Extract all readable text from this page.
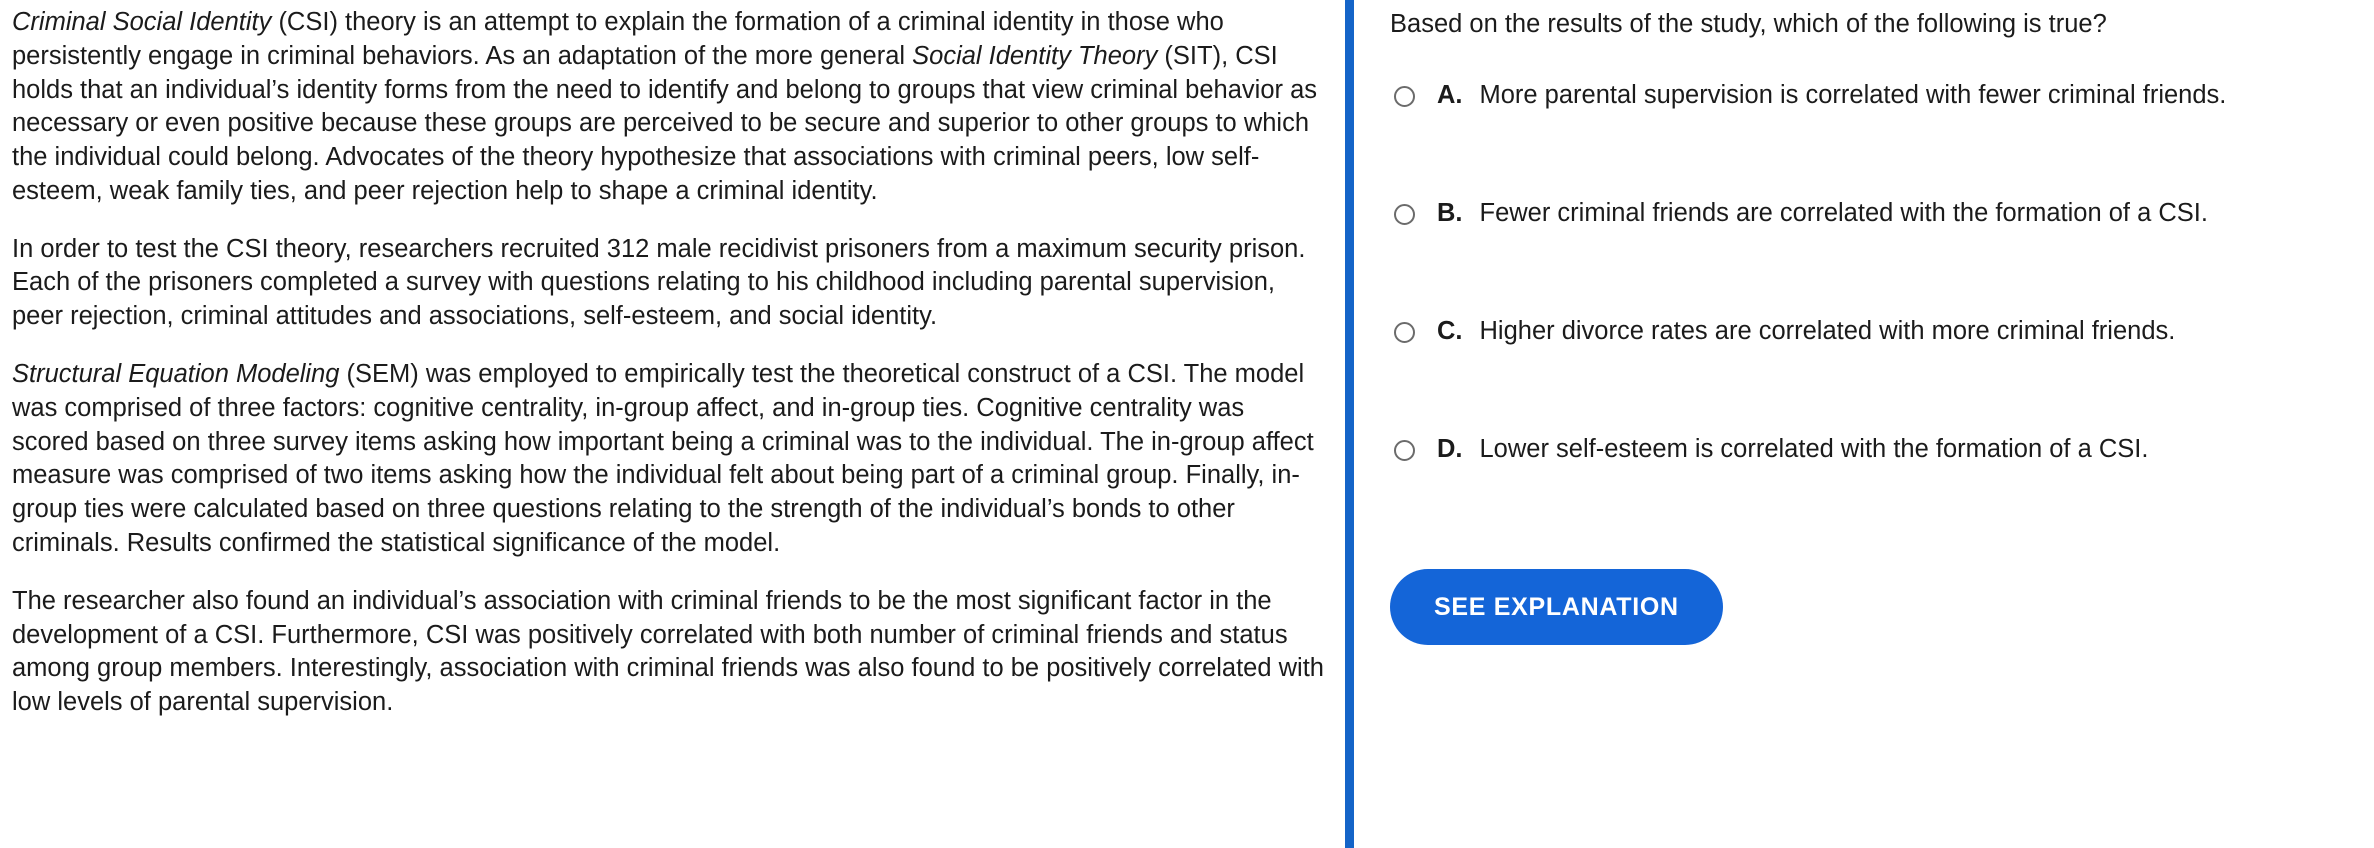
Criminal Social Identity (CSI) theory is an attempt to explain the formation of a criminal identity in those who persistently engage in criminal behaviors. As an adaptation of the more general Social Identity Theory (SIT), CSI holds that an individual’s identity forms from the need to identify and belong to groups that view criminal behavior as necessary or even positive because these groups are perceived to be secure and superior to other groups to which the individual could belong. Advocates of the theory hypothesize that associations with criminal peers, low self-esteem, weak family ties, and peer rejection help to shape a criminal identity.

In order to test the CSI theory, researchers recruited 312 male recidivist prisoners from a maximum security prison. Each of the prisoners completed a survey with questions relating to his childhood including parental supervision, peer rejection, criminal attitudes and associations, self-esteem, and social identity.

Structural Equation Modeling (SEM) was employed to empirically test the theoretical construct of a CSI. The model was comprised of three factors: cognitive centrality, in-group affect, and in-group ties. Cognitive centrality was scored based on three survey items asking how important being a criminal was to the individual. The in-group affect measure was comprised of two items asking how the individual felt about being part of a criminal group. Finally, in-group ties were calculated based on three questions relating to the strength of the individual’s bonds to other criminals. Results confirmed the statistical significance of the model.

The researcher also found an individual’s association with criminal friends to be the most significant factor in the development of a CSI. Furthermore, CSI was positively correlated with both number of criminal friends and status among group members. Interestingly, association with criminal friends was also found to be positively correlated with low levels of parental supervision.

Based on the results of the study, which of the following is true?
A. More parental supervision is correlated with fewer criminal friends.
B. Fewer criminal friends are correlated with the formation of a CSI.
C. Higher divorce rates are correlated with more criminal friends.
D. Lower self-esteem is correlated with the formation of a CSI.
SEE EXPLANATION
